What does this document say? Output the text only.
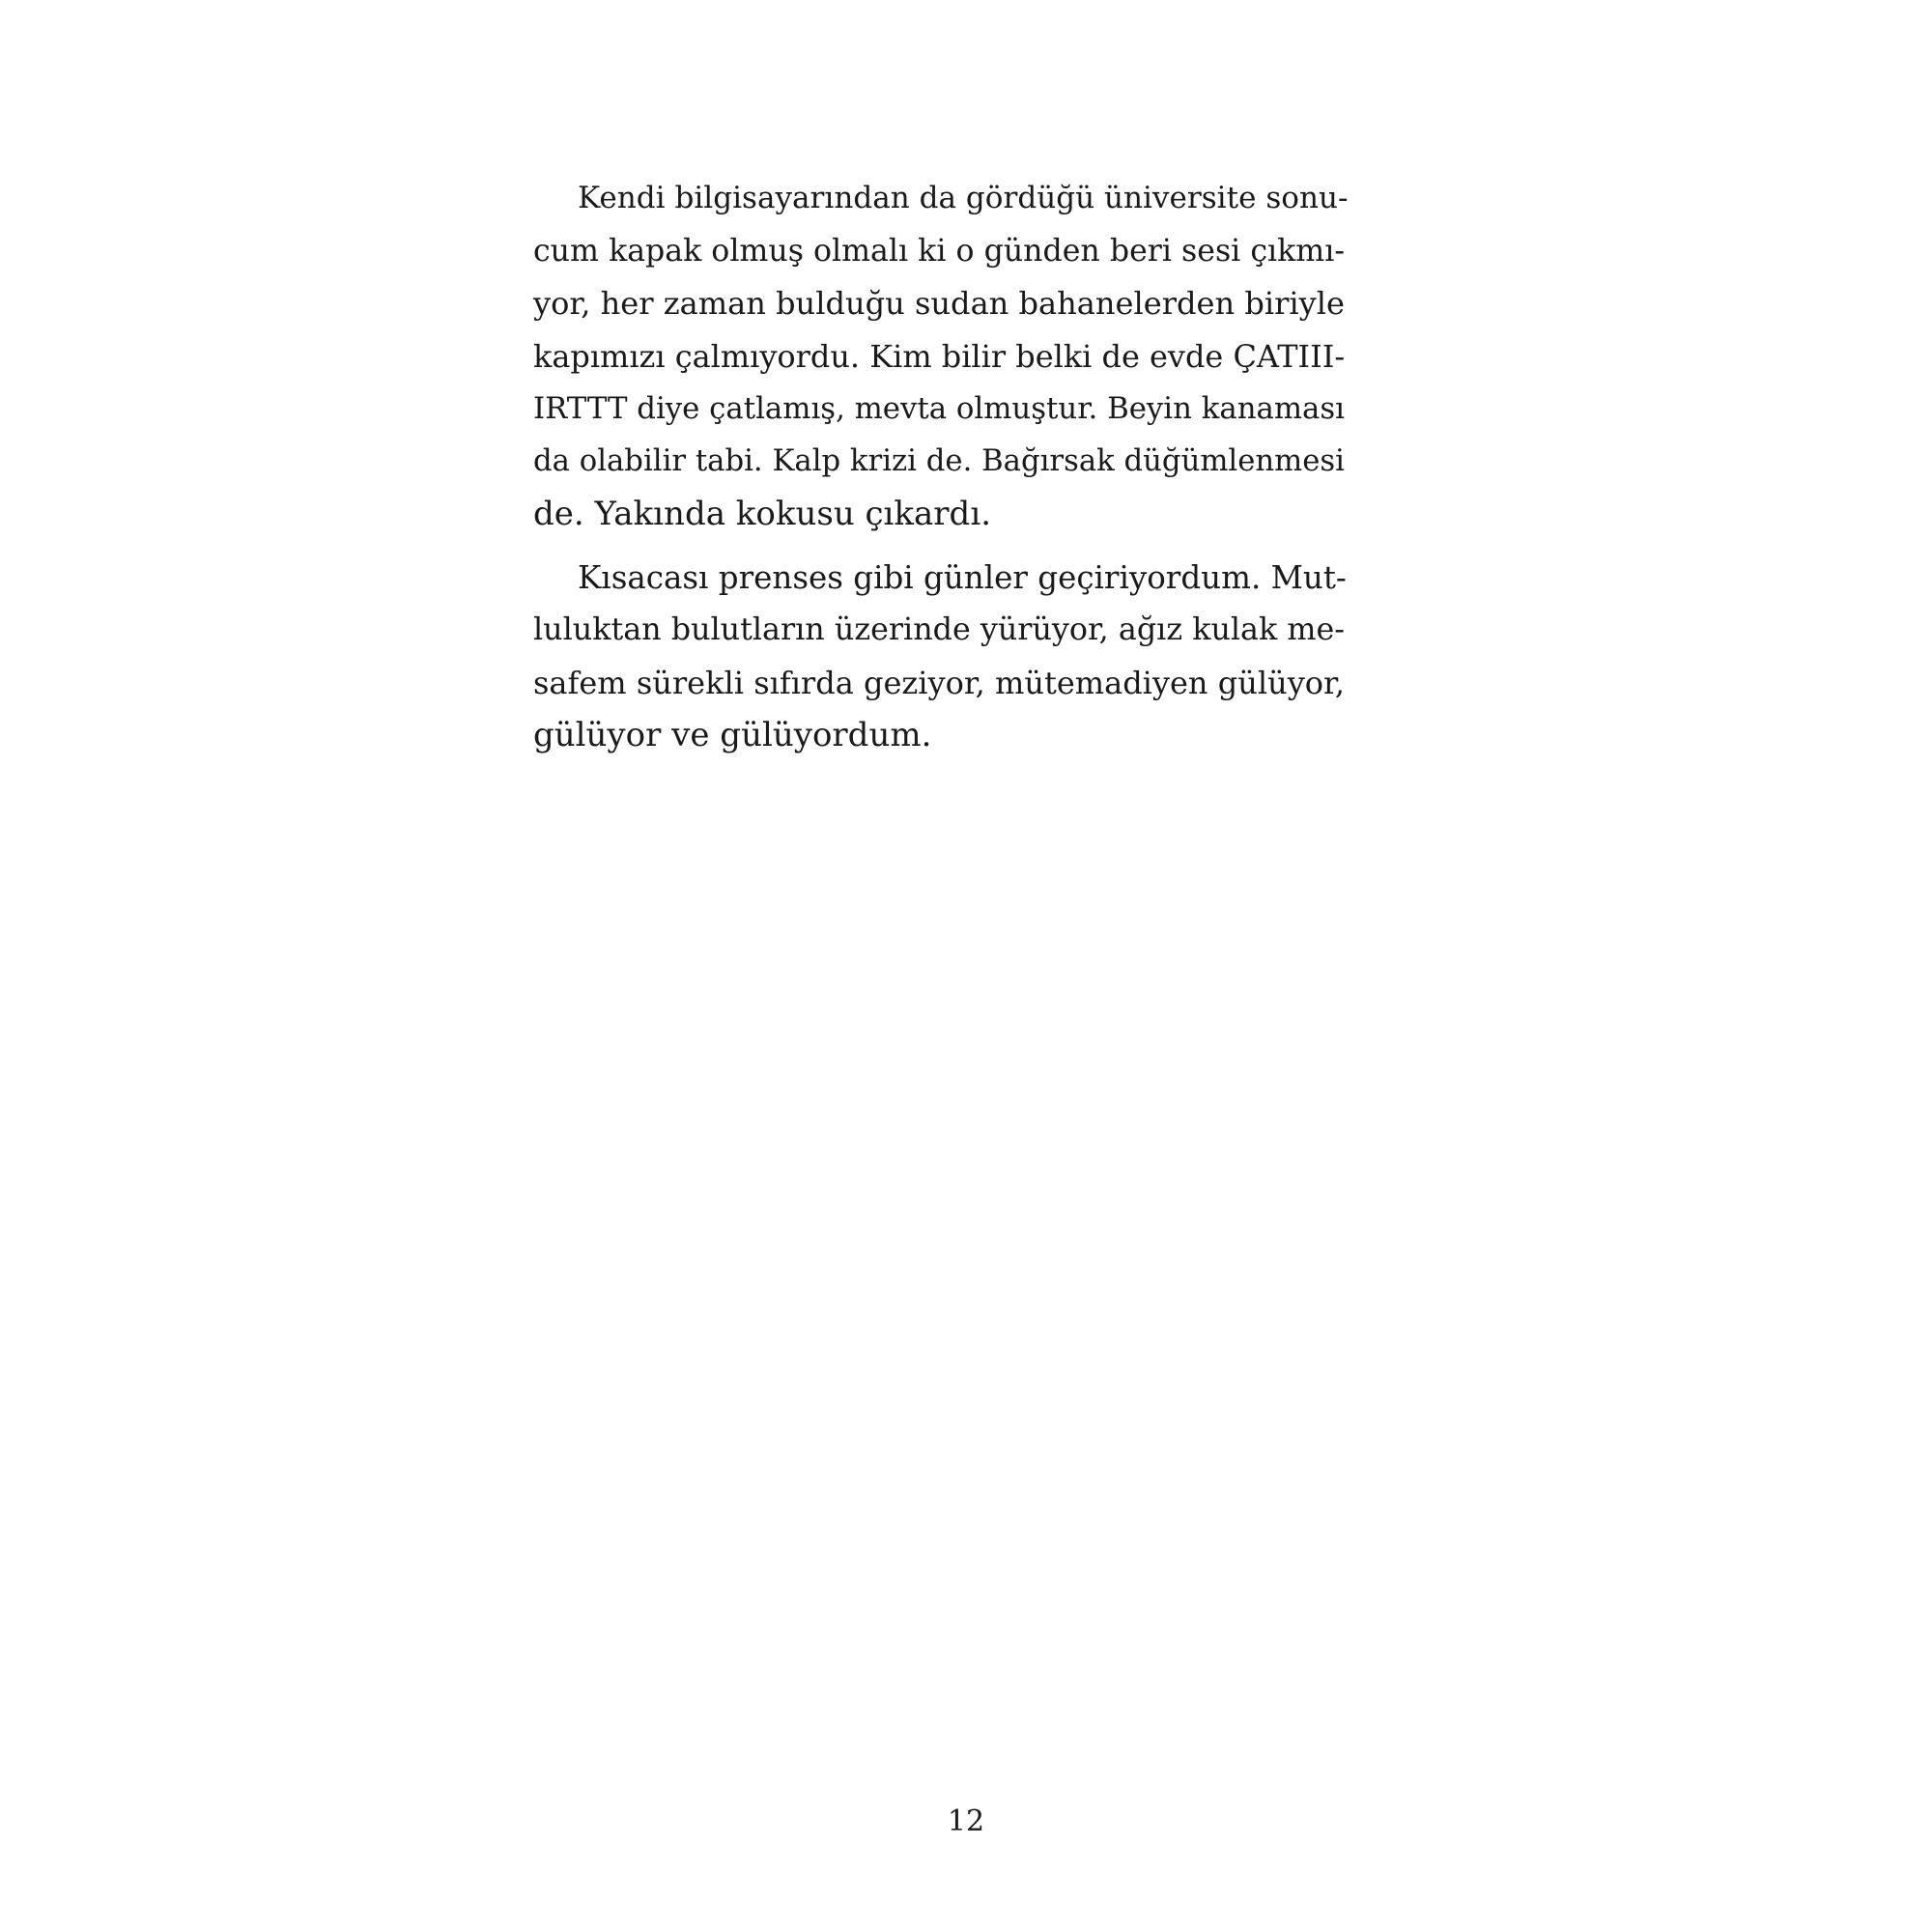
Kendi bilgisayarından da gördüğü üniversite sonu-
cum kapak olmuş olmalı ki o günden beri sesi çıkmı-
yor, her zaman bulduğu sudan bahanelerden biriyle
kapımızı çalmıyordu. Kim bilir belki de evde ÇATIII-
IRTTT diye çatlamış, mevta olmuştur. Beyin kanaması
da olabilir tabi. Kalp krizi de. Bağırsak düğümlenmesi
de. Yakında kokusu çıkardı.
Kısacası prenses gibi günler geçiriyordum. Mut-
luluktan bulutların üzerinde yürüyor, ağız kulak me-
safem sürekli sıfırda geziyor, mütemadiyen gülüyor,
gülüyor ve gülüyordum.
12
